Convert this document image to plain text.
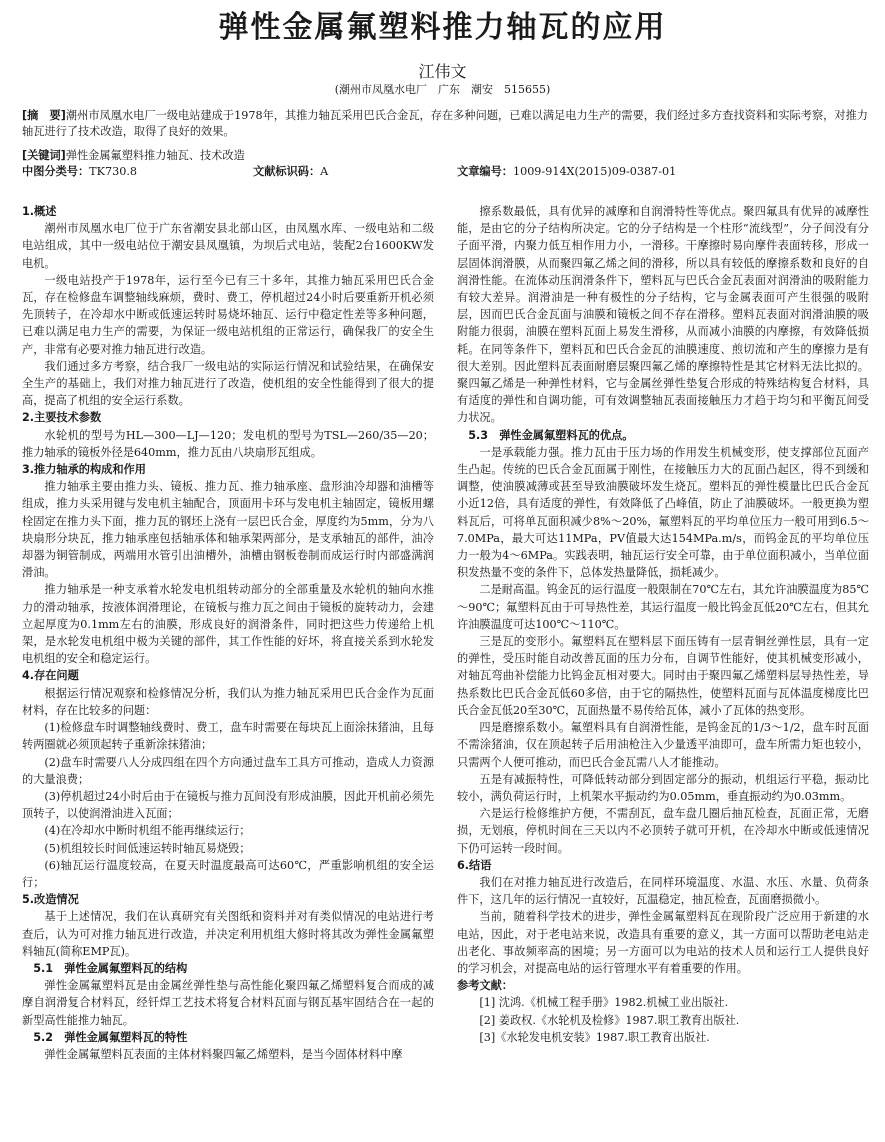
弹性金属氟塑料推力轴瓦的应用
江伟文
(潮州市凤凰水电厂　广东　潮安　515655)
[摘　要]潮州市凤凰水电厂一级电站建成于1978年，其推力轴瓦采用巴氏合金瓦，存在多种问题，已难以满足电力生产的需要，我们经过多方查找资料和实际考察，对推力轴瓦进行了技术改造，取得了良好的效果。
[关键词]弹性金属氟塑料推力轴瓦、技术改造
中图分类号：TK730.8	文献标识码：A	文章编号：1009-914X(2015)09-0387-01
1.概述

潮州市凤凰水电厂位于广东省潮安县北部山区，由凤凰水库、一级电站和二级电站组成，其中一级电站位于潮安县凤凰镇，为坝后式电站，装配2台1600KW发电机。

一级电站投产于1978年，运行至今已有三十多年，其推力轴瓦采用巴氏合金瓦，存在检修盘车调整轴线麻烦，费时、费工，停机超过24小时后要重新开机必须先顶转子，在冷却水中断或低速运转时易烧坏轴瓦、运行中稳定性差等多种问题，已难以满足电力生产的需要，为保证一级电站机组的正常运行，确保我厂的安全生产，非常有必要对推力轴瓦进行改造。

我们通过多方考察，结合我厂一级电站的实际运行情况和试验结果，在确保安全生产的基础上，我们对推力轴瓦进行了改造，使机组的安全性能得到了很大的提高，提高了机组的安全运行系数。

2.主要技术参数

水轮机的型号为HL—300—LJ—120；发电机的型号为TSL—260/35—20；推力轴承的镜板外径是640mm，推力瓦由八块扇形瓦组成。

3.推力轴承的构成和作用

推力轴承主要由推力头、镜板、推力瓦、推力轴承座、盘形油冷却器和油槽等组成，推力头采用键与发电机主轴配合，顶面用卡环与发电机主轴固定，镜板用螺栓固定在推力头下面，推力瓦的钢坯上浇有一层巴氏合金，厚度约为5mm，分为八块扇形分块瓦，推力轴承座包括轴承体和轴承架两部分，是支承轴瓦的部件，油冷却器为铜管制成，两端用水管引出油槽外，油槽由钢板卷制而成运行时内部盛满润滑油。

推力轴承是一种支承着水轮发电机组转动部分的全部重量及水轮机的轴向水推力的滑动轴承，按液体润滑理论，在镜板与推力瓦之间由于镜板的旋转动力，会建立起厚度为0.1mm左右的油膜，形成良好的润滑条件，同时把这些力传递给上机架，是水轮发电机组中极为关键的部件，其工作性能的好坏，将直接关系到水轮发电机组的安全和稳定运行。

4.存在问题

根据运行情况观察和检修情况分析，我们认为推力轴瓦采用巴氏合金作为瓦面材料，存在比较多的问题：

(1)检修盘车时调整轴线费时、费工，盘车时需要在每块瓦上面涂抹猪油，且每转两圈就必须顶起转子重新涂抹猪油；

(2)盘车时需要八人分成四组在四个方向通过盘车工具方可推动，造成人力资源的大量浪费；

(3)停机超过24小时后由于在镜板与推力瓦间没有形成油膜，因此开机前必须先顶转子，以使润滑油进入瓦面；

(4)在冷却水中断时机组不能再继续运行；

(5)机组较长时间低速运转时轴瓦易烧毁；

(6)轴瓦运行温度较高，在夏天时温度最高可达60℃，严重影响机组的安全运行；

5.改造情况

基于上述情况，我们在认真研究有关图纸和资料并对有类似情况的电站进行考查后，认为可对推力轴瓦进行改造，并决定利用机组大修时将其改为弹性金属氟塑料轴瓦(简称EMP瓦)。

5.1　弹性金属氟塑料瓦的结构

弹性金属氟塑料瓦是由金属丝弹性垫与高性能化聚四氟乙烯塑料复合而成的减摩自润滑复合材料瓦，经钎焊工艺技术将复合材料瓦面与钢瓦基牢固结合在一起的新型高性能推力轴瓦。

5.2　弹性金属氟塑料瓦的特性

弹性金属氟塑料瓦表面的主体材料聚四氟乙烯塑料，是当今固体材料中摩

擦系数最低，具有优异的减摩和自润滑特性等优点。聚四氟具有优异的减摩性能，是由它的分子结构所决定。它的分子结构是一个柱形“流线型”，分子间没有分子面平滑，内聚力低互相作用力小，一滑移。干摩擦时易向摩件表面转移，形成一层固体润滑膜，从而聚四氟乙烯之间的滑移，所以具有较低的摩擦系数和良好的自润滑性能。在流体动压润滑条件下，塑料瓦与巴氏合金瓦表面对润滑油的吸附能力有较大差异。润滑油是一种有极性的分子结构，它与金属表面可产生很强的吸附层，因而巴氏合金瓦面与油膜和镜板之间不存在滑移。塑料瓦表面对润滑油膜的吸附能力很弱，油膜在塑料瓦面上易发生滑移，从而减小油膜的内摩擦，有效降低损耗。在同等条件下，塑料瓦和巴氏合金瓦的油膜速度、煎切流和产生的摩擦力是有很大差别。因此塑料瓦表面耐磨层聚四氟乙烯的摩擦特性是其它材料无法比拟的。聚四氟乙烯是一种弹性材料，它与金属丝弹性垫复合形成的特殊结构复合材料，具有适度的弹性和自调功能，可有效调整轴瓦表面接触压力才趋于均匀和平衡瓦间受力状况。

5.3　弹性金属氟塑料瓦的优点。

一是承载能力强。推力瓦由于压力场的作用发生机械变形，使支撑部位瓦面产生凸起。传统的巴氏合金瓦面属于刚性，在接触压力大的瓦面凸起区，得不到缓和调整，使油膜减薄或甚至导致油膜破坏发生烧瓦。塑料瓦的弹性模量比巴氏合金瓦小近12倍，具有适度的弹性，有效降低了凸峰值，防止了油膜破坏。一般更换为塑料瓦后，可将单瓦面积减少8%～20%，氟塑料瓦的平均单位压力一般可用到6.5～7.0MPa，最大可达11MPa，PV值最大达154MPa.m/s，而钨金瓦的平均单位压力一般为4～6MPa。实践表明，轴瓦运行安全可靠，由于单位面积减小，当单位面积发热量不变的条件下，总体发热量降低，损耗减少。

二是耐高温。钨金瓦的运行温度一般限制在70℃左右，其允许油膜温度为85℃～90℃；氟塑料瓦由于可导热性差，其运行温度一般比钨金瓦低20℃左右，但其允许油膜温度可达100℃～110℃。

三是瓦的变形小。氟塑料瓦在塑料层下面压铸有一层青铜丝弹性层，具有一定的弹性，受压时能自动改善瓦面的压力分布，自调节性能好，使其机械变形减小，对轴瓦弯曲补偿能力比钨金瓦相对要大。同时由于聚四氟乙烯塑料层导热性差，导热系数比巴氏合金瓦低60多倍，由于它的隔热性，使塑料瓦面与瓦体温度梯度比巴氏合金瓦低20至30℃，瓦面热量不易传给瓦体，减小了瓦体的热变形。

四是磨擦系数小。氟塑料具有自润滑性能，是钨金瓦的1/3～1/2，盘车时瓦面不需涂猪油，仅在顶起转子后用油枪注入少量透平油即可，盘车所需力矩也较小，只需两个人便可推动，而巴氏合金瓦需八人才能推动。

五是有减振特性，可降低转动部分到固定部分的振动，机组运行平稳，振动比较小，满负荷运行时，上机架水平振动约为0.05mm，垂直振动约为0.03mm。

六是运行检修维护方便，不需刮瓦，盘车盘几圈后抽瓦检查，瓦面正常，无磨损，无划痕，停机时间在三天以内不必顶转子就可开机，在冷却水中断或低速情况下仍可运转一段时间。

6.结语

我们在对推力轴瓦进行改造后，在同样环境温度、水温、水压、水量、负荷条件下，这几年的运行情况一直较好，瓦温稳定，抽瓦检查，瓦面磨损微小。

当前，随着科学技术的进步，弹性金属氟塑料瓦在现阶段广泛应用于新建的水电站，因此，对于老电站来说，改造具有重要的意义，其一方面可以帮助老电站走出老化、事故频率高的困境；另一方面可以为电站的技术人员和运行工人提供良好的学习机会，对提高电站的运行管理水平有着重要的作用。

参考文献：

[1] 沈鸿.《机械工程手册》1982.机械工业出版社.

[2] 姜政权.《水轮机及检修》1987.职工教育出版社.

[3]《水轮发电机安装》1987.职工教育出版社.
